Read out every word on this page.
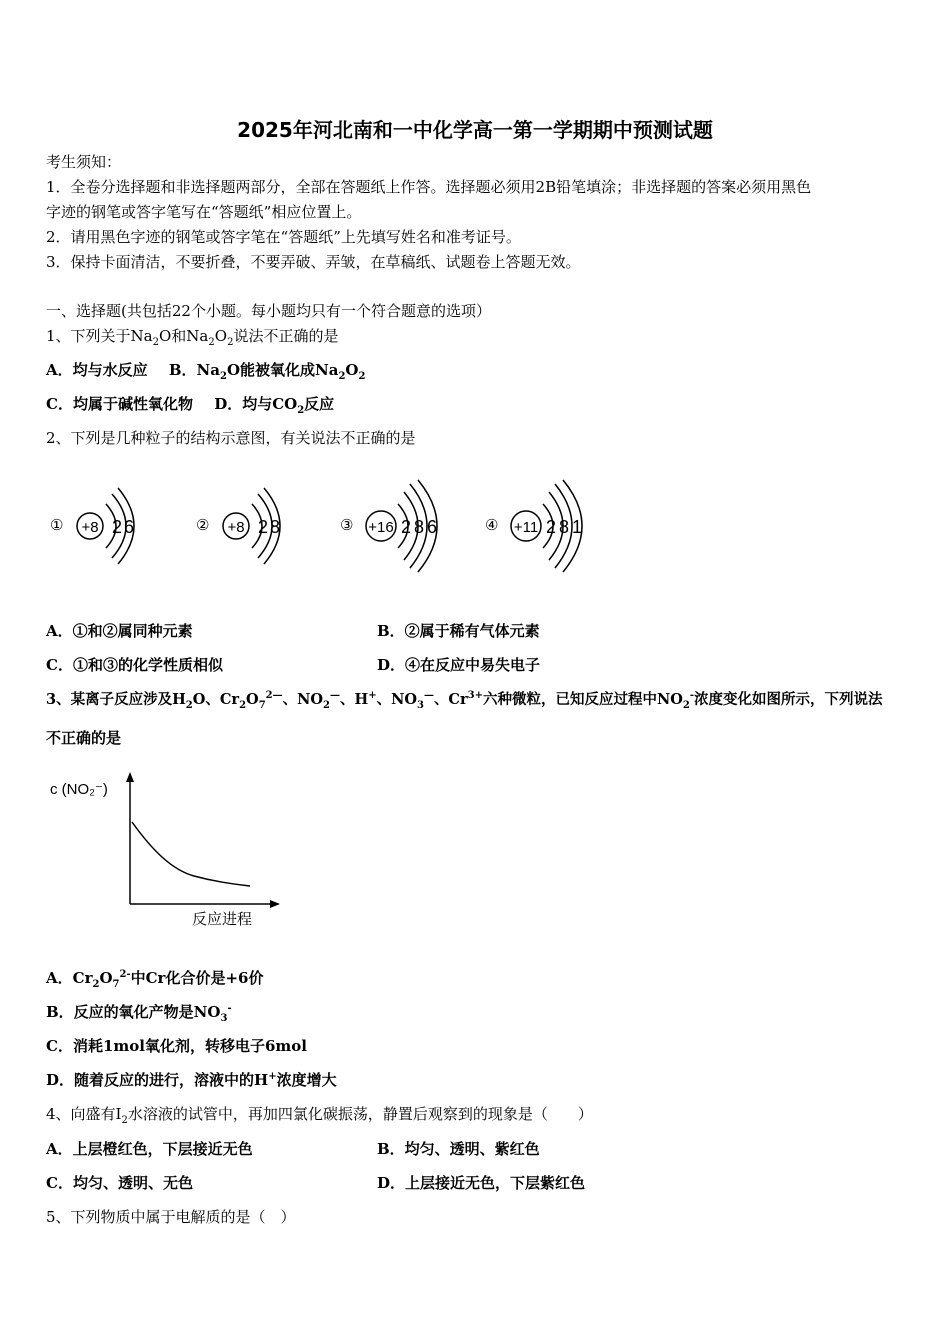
2025年河北南和一中化学高一第一学期期中预测试题
考生须知：
1．全卷分选择题和非选择题两部分，全部在答题纸上作答。选择题必须用2B铅笔填涂；非选择题的答案必须用黑色
字迹的钢笔或答字笔写在“答题纸”相应位置上。
2．请用黑色字迹的钢笔或答字笔在“答题纸”上先填写姓名和准考证号。
3．保持卡面清洁，不要折叠，不要弄破、弄皱，在草稿纸、试题卷上答题无效。
一、选择题(共包括22个小题。每小题均只有一个符合题意的选项）
1、下列关于$Na_2O$和$Na_2O_2$说法不正确的是
A．均与水反应 B．$Na_2O$能被氧化成$Na_2O_2$
C．均属于碱性氧化物 D．均与$CO_2$反应
2、下列是几种粒子的结构示意图，有关说法不正确的是
① +8 2 6	② +8 2 8	③ +16 2 8 6	④ +11 2 8 1
A．①和②属同种元素	B．②属于稀有气体元素
C．①和③的化学性质相似	D．④在反应中易失电子
3、某离子反应涉及$H_2O$、$Cr_2O_7^{2—}$、$NO_2^—$、H+、$NO_3^—$、$Cr^{3+}$六种微粒，已知反应过程中$NO_2^-$浓度变化如图所示，下列说法
不正确的是
c (NO₂⁻)
反应进程
A．$Cr_2O_7^{2-}$中Cr化合价是+6价
B．反应的氧化产物是$NO_3^-$
C．消耗1mol氧化剂，转移电子6mol
D．随着反应的进行，溶液中的H+浓度增大
4、向盛有$I_2$水溶液的试管中，再加四氯化碳振荡，静置后观察到的现象是（　　）
A．上层橙红色，下层接近无色	B．均匀、透明、紫红色
C．均匀、透明、无色	D．上层接近无色，下层紫红色
5、下列物质中属于电解质的是（　）
